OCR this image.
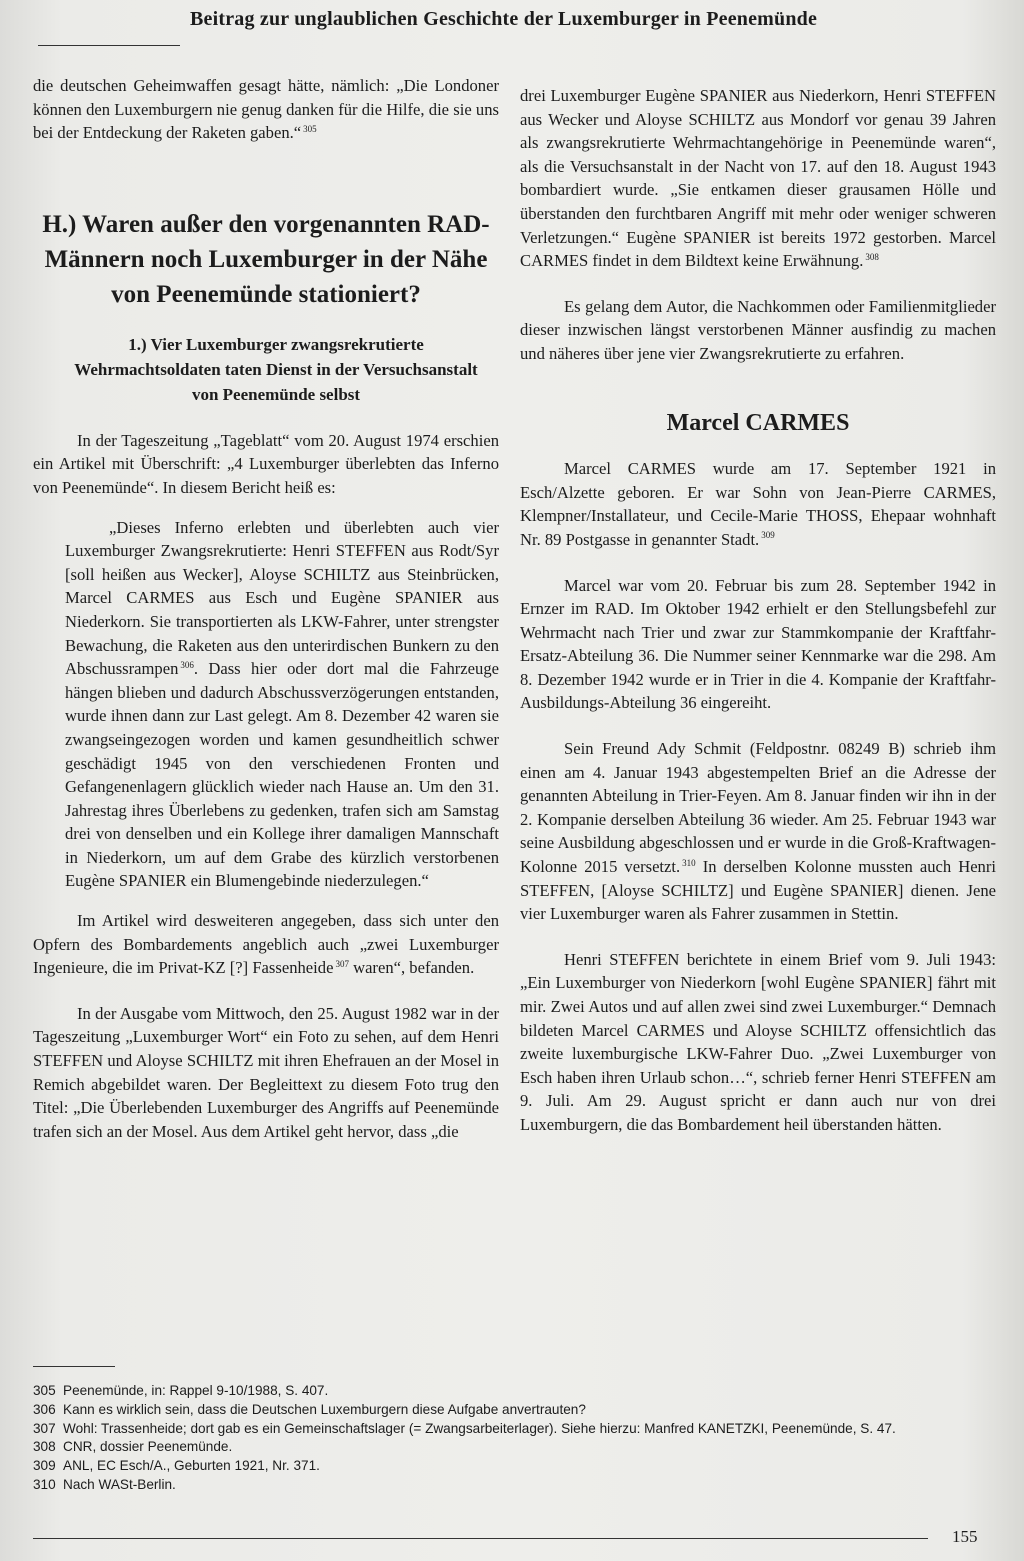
Beitrag zur unglaublichen Geschichte der Luxemburger in Peenemünde

die deutschen Geheimwaffen gesagt hätte, nämlich: „Die Londoner können den Luxemburgern nie genug danken für die Hilfe, die sie uns bei der Entdeckung der Raketen gaben.“ $^{305}$

H.) Waren außer den vorgenannten RAD-Männern noch Luxemburger in der Nähe von Peenemünde stationiert?
1.) Vier Luxemburger zwangsrekrutierte Wehrmachtsoldaten taten Dienst in der Versuchsanstalt von Peenemünde selbst

In der Tageszeitung „Tageblatt“ vom 20. August 1974 erschien ein Artikel mit Überschrift: „4 Luxemburger überlebten das Inferno von Peenemünde“. In diesem Bericht heiß es:

„Dieses Inferno erlebten und überlebten auch vier Luxemburger Zwangsrekrutierte: Henri STEFFEN aus Rodt/Syr [soll heißen aus Wecker], Aloyse SCHILTZ aus Steinbrücken, Marcel CARMES aus Esch und Eugène SPANIER aus Niederkorn. Sie transportierten als LKW-Fahrer, unter strengster Bewachung, die Raketen aus den unterirdischen Bunkern zu den Abschussrampen $^{306}$. Dass hier oder dort mal die Fahrzeuge hängen blieben und dadurch Abschussverzögerungen entstanden, wurde ihnen dann zur Last gelegt. Am 8. Dezember 42 waren sie zwangseingezogen worden und kamen gesundheitlich schwer geschädigt 1945 von den verschiedenen Fronten und Gefangenenlagern glücklich wieder nach Hause an. Um den 31. Jahrestag ihres Überlebens zu gedenken, trafen sich am Samstag drei von denselben und ein Kollege ihrer damaligen Mannschaft in Niederkorn, um auf dem Grabe des kürzlich verstorbenen Eugène SPANIER ein Blumengebinde niederzulegen.“

Im Artikel wird desweiteren angegeben, dass sich unter den Opfern des Bombardements angeblich auch „zwei Luxemburger Ingenieure, die im Privat-KZ [?] Fassenheide $^{307}$ waren“, befanden.

In der Ausgabe vom Mittwoch, den 25. August 1982 war in der Tageszeitung „Luxemburger Wort“ ein Foto zu sehen, auf dem Henri STEFFEN und Aloyse SCHILTZ mit ihren Ehefrauen an der Mosel in Remich abgebildet waren. Der Begleittext zu diesem Foto trug den Titel: „Die Überlebenden Luxemburger des Angriffs auf Peenemünde trafen sich an der Mosel. Aus dem Artikel geht hervor, dass „die

drei Luxemburger Eugène SPANIER aus Niederkorn, Henri STEFFEN aus Wecker und Aloyse SCHILTZ aus Mondorf vor genau 39 Jahren als zwangsrekrutierte Wehrmachtangehörige in Peenemünde waren“, als die Versuchsanstalt in der Nacht von 17. auf den 18. August 1943 bombardiert wurde. „Sie entkamen dieser grausamen Hölle und überstanden den furchtbaren Angriff mit mehr oder weniger schweren Verletzungen.“ Eugène SPANIER ist bereits 1972 gestorben. Marcel CARMES findet in dem Bildtext keine Erwähnung. $^{308}$

Es gelang dem Autor, die Nachkommen oder Familienmitglieder dieser inzwischen längst verstorbenen Männer ausfindig zu machen und näheres über jene vier Zwangsrekrutierte zu erfahren.

Marcel CARMES

Marcel CARMES wurde am 17. September 1921 in Esch/Alzette geboren. Er war Sohn von Jean-Pierre CARMES, Klempner/Installateur, und Cecile-Marie THOSS, Ehepaar wohnhaft Nr. 89 Postgasse in genannter Stadt. $^{309}$

Marcel war vom 20. Februar bis zum 28. September 1942 in Ernzer im RAD. Im Oktober 1942 erhielt er den Stellungsbefehl zur Wehrmacht nach Trier und zwar zur Stammkompanie der Kraftfahr-Ersatz-Abteilung 36. Die Nummer seiner Kennmarke war die 298. Am 8. Dezember 1942 wurde er in Trier in die 4. Kompanie der Kraftfahr-Ausbildungs-Abteilung 36 eingereiht.

Sein Freund Ady Schmit (Feldpostnr. 08249 B) schrieb ihm einen am 4. Januar 1943 abgestempelten Brief an die Adresse der genannten Abteilung in Trier-Feyen. Am 8. Januar finden wir ihn in der 2. Kompanie derselben Abteilung 36 wieder. Am 25. Februar 1943 war seine Ausbildung abgeschlossen und er wurde in die Groß-Kraftwagen-Kolonne 2015 versetzt. $^{310}$ In derselben Kolonne mussten auch Henri STEFFEN, [Aloyse SCHILTZ] und Eugène SPANIER] dienen. Jene vier Luxemburger waren als Fahrer zusammen in Stettin.

Henri STEFFEN berichtete in einem Brief vom 9. Juli 1943: „Ein Luxemburger von Niederkorn [wohl Eugène SPANIER] fährt mit mir. Zwei Autos und auf allen zwei sind zwei Luxemburger.“ Demnach bildeten Marcel CARMES und Aloyse SCHILTZ offensichtlich das zweite luxemburgische LKW-Fahrer Duo. „Zwei Luxemburger von Esch haben ihren Urlaub schon…“, schrieb ferner Henri STEFFEN am 9. Juli. Am 29. August spricht er dann auch nur von drei Luxemburgern, die das Bombardement heil überstanden hätten.

305 Peenemünde, in: Rappel 9-10/1988, S. 407.
306 Kann es wirklich sein, dass die Deutschen Luxemburgern diese Aufgabe anvertrauten?
307 Wohl: Trassenheide; dort gab es ein Gemeinschaftslager (= Zwangsarbeiterlager). Siehe hierzu: Manfred KANETZKI, Peenemünde, S. 47.
308 CNR, dossier Peenemünde.
309 ANL, EC Esch/A., Geburten 1921, Nr. 371.
310 Nach WASt-Berlin.
155
